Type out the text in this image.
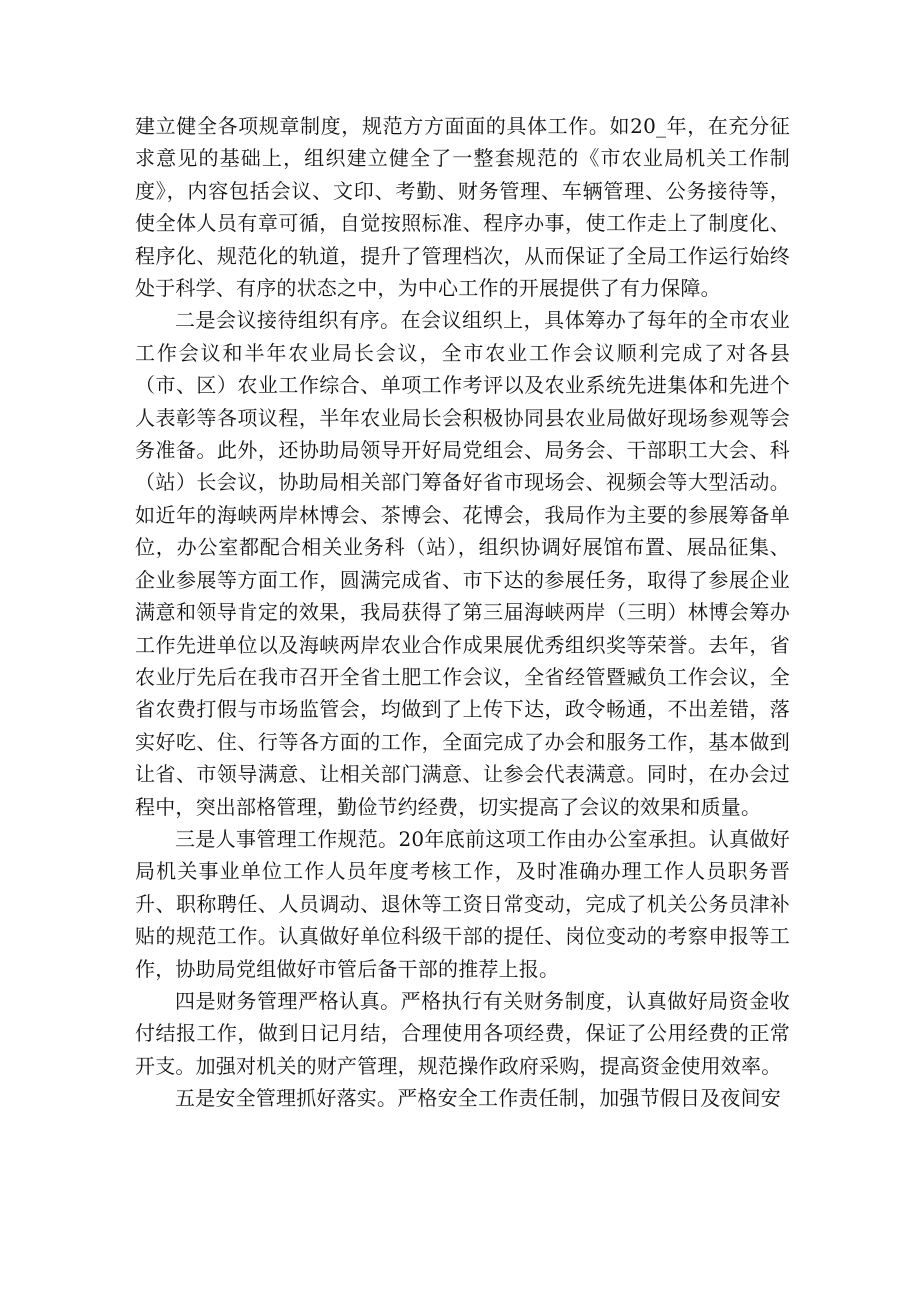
建立健全各项规章制度，规范方方面面的具体工作。如20_年，在充分征求意见的基础上，组织建立健全了一整套规范的《市农业局机关工作制度》，内容包括会议、文印、考勤、财务管理、车辆管理、公务接待等，使全体人员有章可循，自觉按照标准、程序办事，使工作走上了制度化、程序化、规范化的轨道，提升了管理档次，从而保证了全局工作运行始终处于科学、有序的状态之中，为中心工作的开展提供了有力保障。

二是会议接待组织有序。在会议组织上，具体筹办了每年的全市农业工作会议和半年农业局长会议，全市农业工作会议顺利完成了对各县（市、区）农业工作综合、单项工作考评以及农业系统先进集体和先进个人表彰等各项议程，半年农业局长会积极协同县农业局做好现场参观等会务准备。此外，还协助局领导开好局党组会、局务会、干部职工大会、科（站）长会议，协助局相关部门筹备好省市现场会、视频会等大型活动。如近年的海峡两岸林博会、茶博会、花博会，我局作为主要的参展筹备单位，办公室都配合相关业务科（站），组织协调好展馆布置、展品征集、企业参展等方面工作，圆满完成省、市下达的参展任务，取得了参展企业满意和领导肯定的效果，我局获得了第三届海峡两岸（三明）林博会筹办工作先进单位以及海峡两岸农业合作成果展优秀组织奖等荣誉。去年，省农业厅先后在我市召开全省土肥工作会议，全省经管暨臧负工作会议，全省农费打假与市场监管会，均做到了上传下达，政令畅通，不出差错，落实好吃、住、行等各方面的工作，全面完成了办会和服务工作，基本做到让省、市领导满意、让相关部门满意、让参会代表满意。同时，在办会过程中，突出部格管理，勤俭节约经费，切实提高了会议的效果和质量。

三是人事管理工作规范。20年底前这项工作由办公室承担。认真做好局机关事业单位工作人员年度考核工作，及时准确办理工作人员职务晋升、职称聘任、人员调动、退休等工资日常变动，完成了机关公务员津补贴的规范工作。认真做好单位科级干部的提任、岗位变动的考察申报等工作，协助局党组做好市管后备干部的推荐上报。

四是财务管理严格认真。严格执行有关财务制度，认真做好局资金收付结报工作，做到日记月结，合理使用各项经费，保证了公用经费的正常开支。加强对机关的财产管理，规范操作政府采购，提高资金使用效率。

五是安全管理抓好落实。严格安全工作责任制，加强节假日及夜间安
